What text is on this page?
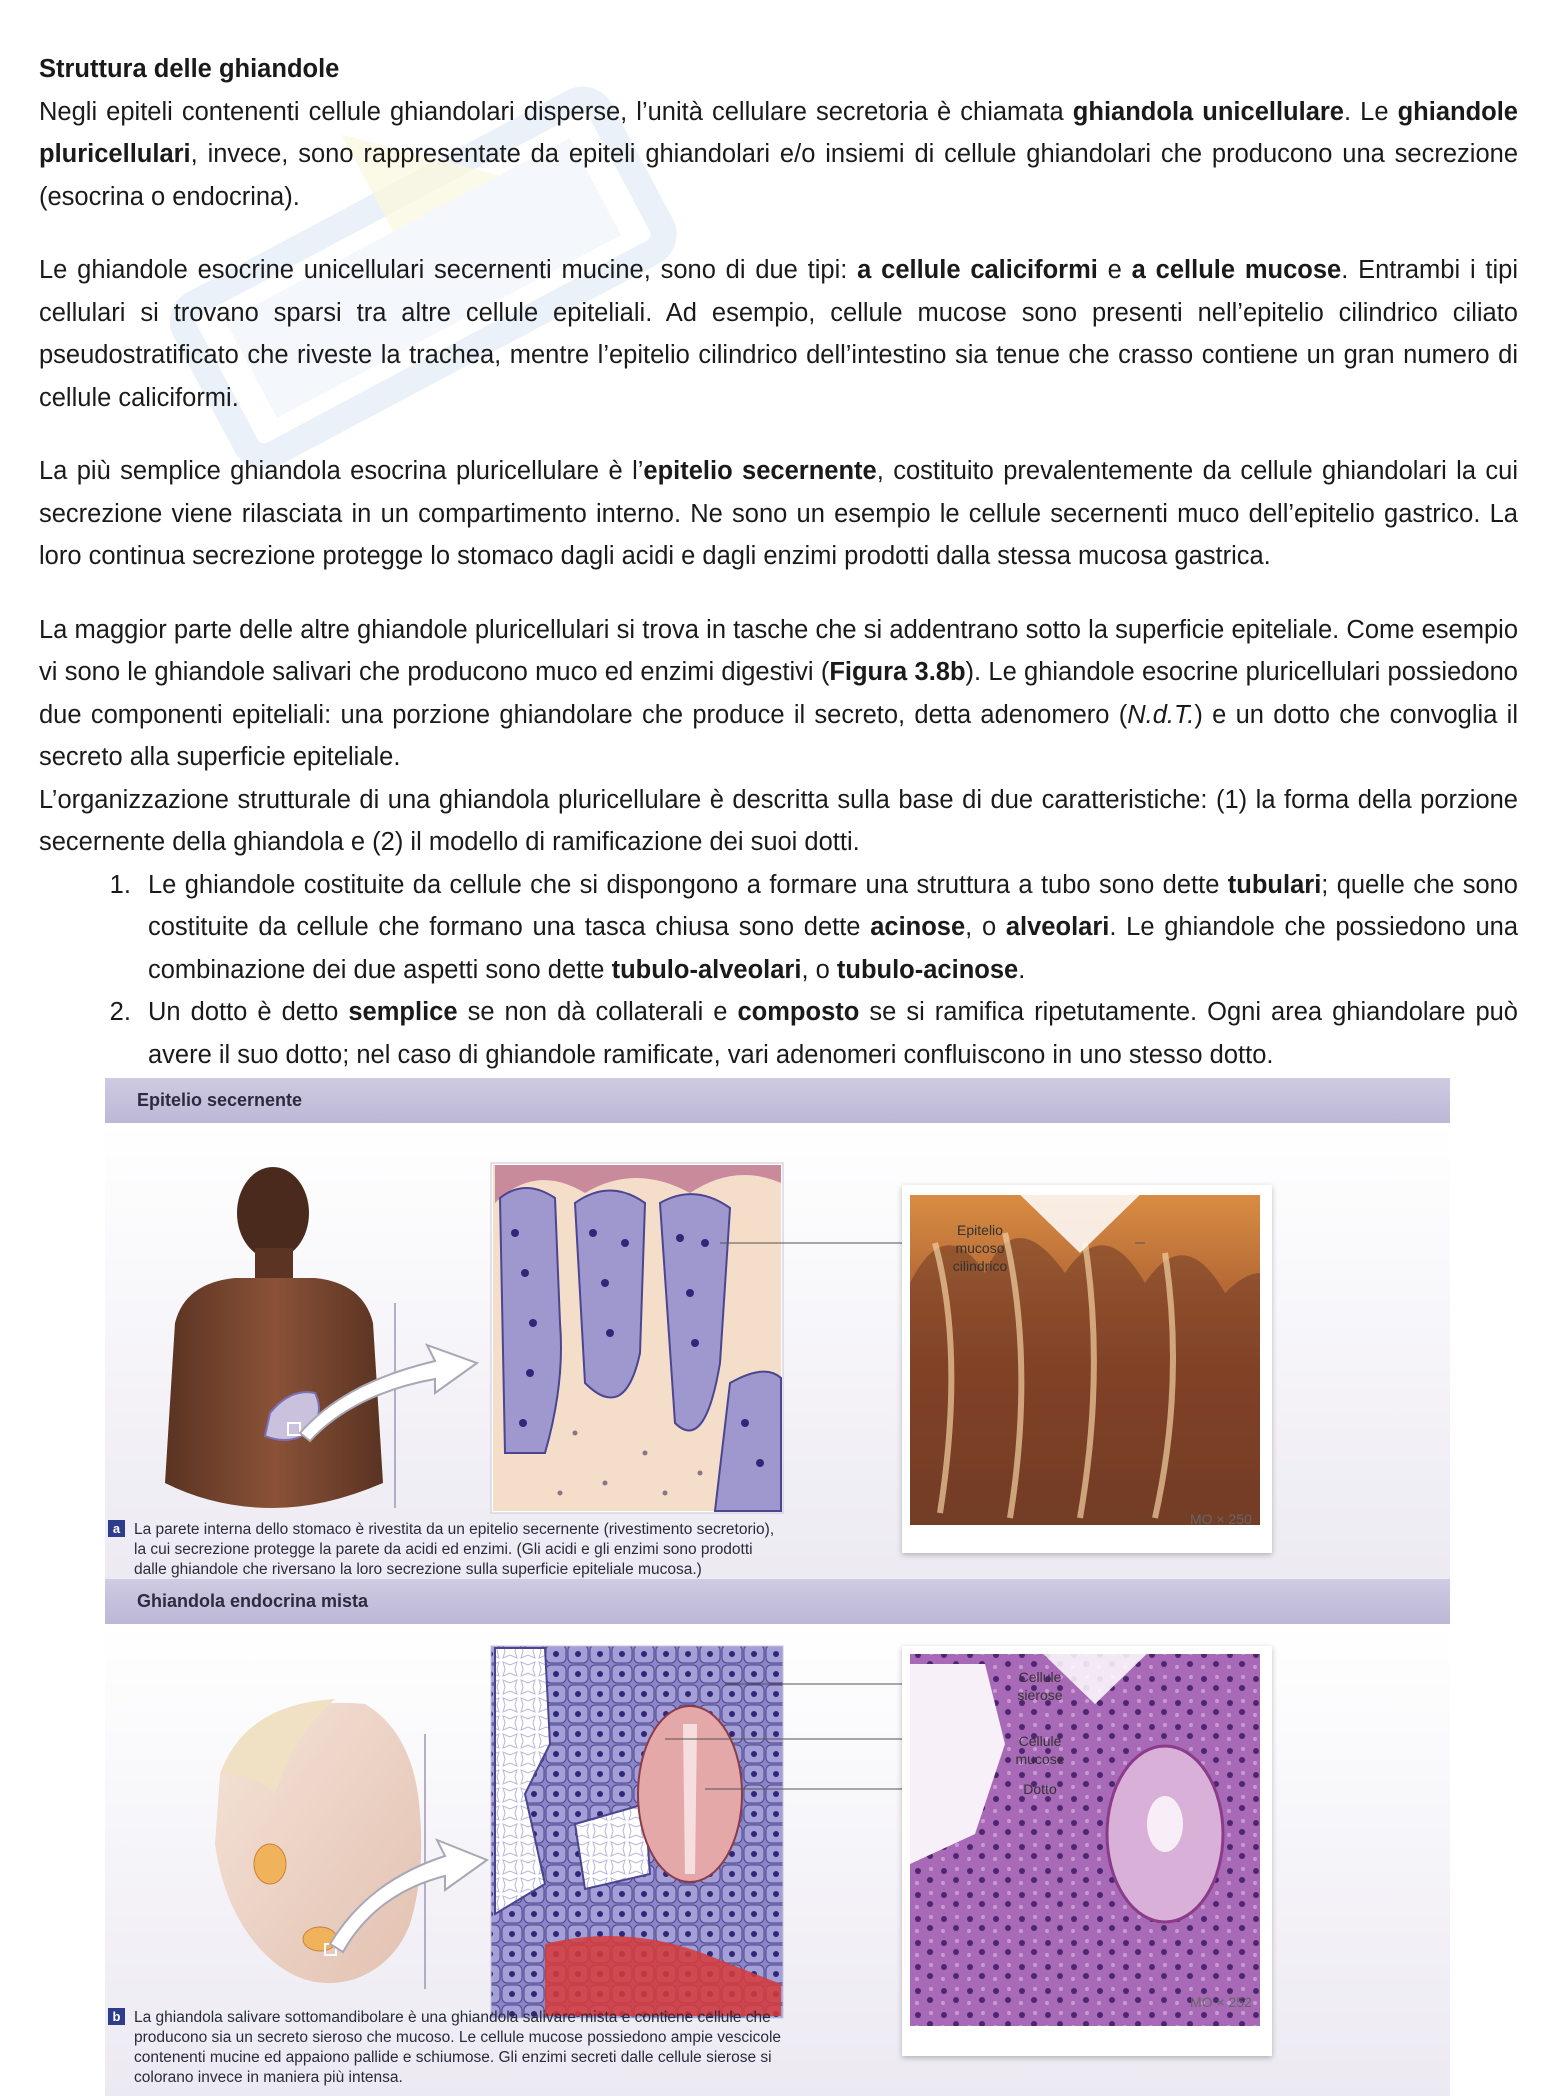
Struttura delle ghiandole

Negli epiteli contenenti cellule ghiandolari disperse, l’unità cellulare secretoria è chiamata ghiandola unicellulare. Le ghiandole pluricellulari, invece, sono rappresentate da epiteli ghiandolari e/o insiemi di cellule ghiandolari che producono una secrezione (esocrina o endocrina).

Le ghiandole esocrine unicellulari secernenti mucine, sono di due tipi: a cellule caliciformi e a cellule mucose. Entrambi i tipi cellulari si trovano sparsi tra altre cellule epiteliali. Ad esempio, cellule mucose sono presenti nell’epitelio cilindrico ciliato pseudostratificato che riveste la trachea, mentre l’epitelio cilindrico dell’intestino sia tenue che crasso contiene un gran numero di cellule caliciformi.

La più semplice ghiandola esocrina pluricellulare è l’epitelio secernente, costituito prevalentemente da cellule ghiandolari la cui secrezione viene rilasciata in un compartimento interno. Ne sono un esempio le cellule secernenti muco dell’epitelio gastrico. La loro continua secrezione protegge lo stomaco dagli acidi e dagli enzimi prodotti dalla stessa mucosa gastrica.

La maggior parte delle altre ghiandole pluricellulari si trova in tasche che si addentrano sotto la superficie epiteliale. Come esempio vi sono le ghiandole salivari che producono muco ed enzimi digestivi (Figura 3.8b). Le ghiandole esocrine pluricellulari possiedono due componenti epiteliali: una porzione ghiandolare che produce il secreto, detta adenomero (N.d.T.) e un dotto che convoglia il secreto alla superficie epiteliale.

L’organizzazione strutturale di una ghiandola pluricellulare è descritta sulla base di due caratteristiche: (1) la forma della porzione secernente della ghiandola e (2) il modello di ramificazione dei suoi dotti.

1. Le ghiandole costituite da cellule che si dispongono a formare una struttura a tubo sono dette tubulari; quelle che sono costituite da cellule che formano una tasca chiusa sono dette acinose, o alveolari. Le ghiandole che possiedono una combinazione dei due aspetti sono dette tubulo-alveolari, o tubulo-acinose.
2. Un dotto è detto semplice se non dà collaterali e composto se si ramifica ripetutamente. Ogni area ghiandolare può avere il suo dotto; nel caso di ghiandole ramificate, vari adenomeri confluiscono in uno stesso dotto.
Epitelio secernente
Epitelio
mucoso
cilindrico
MO × 250
a La parete interna dello stomaco è rivestita da un epitelio secernente (rivestimento secretorio),
la cui secrezione protegge la parete da acidi ed enzimi. (Gli acidi e gli enzimi sono prodotti
dalle ghiandole che riversano la loro secrezione sulla superficie epiteliale mucosa.)
Ghiandola endocrina mista
Cellule
sierose
Cellule
mucose
Dotto
MO × 252
b La ghiandola salivare sottomandibolare è una ghiandola salivare mista e contiene cellule che
producono sia un secreto sieroso che mucoso. Le cellule mucose possiedono ampie vescicole
contenenti mucine ed appaiono pallide e schiumose. Gli enzimi secreti dalle cellule sierose si
colorano invece in maniera più intensa.
